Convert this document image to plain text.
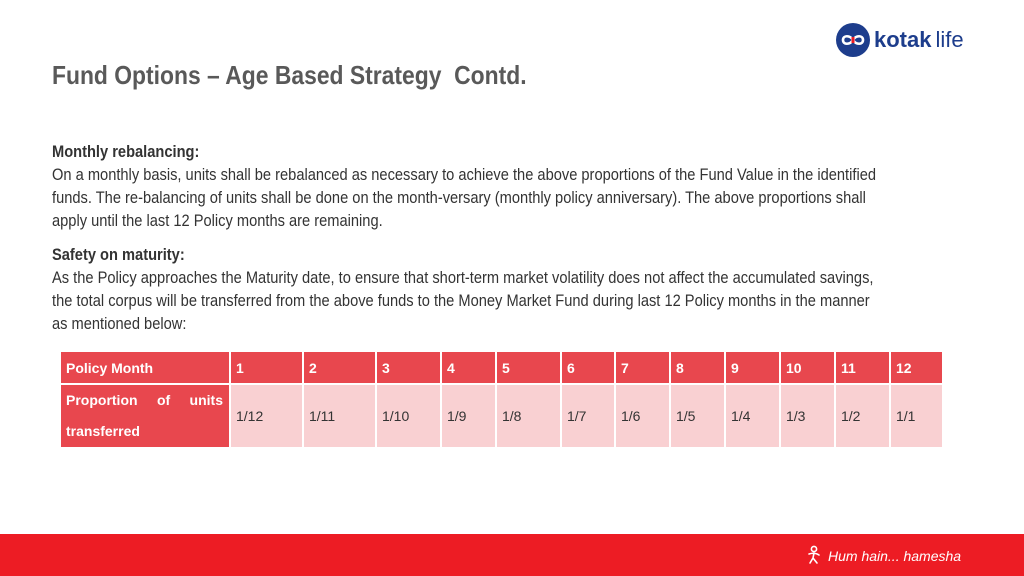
kotak life
Fund Options – Age Based Strategy  Contd.

Monthly rebalancing:

On a monthly basis, units shall be rebalanced as necessary to achieve the above proportions of the Fund Value in the identified

funds. The re-balancing of units shall be done on the month-versary (monthly policy anniversary). The above proportions shall

apply until the last 12 Policy months are remaining.

Safety on maturity:

As the Policy approaches the Maturity date, to ensure that short-term market volatility does not affect the accumulated savings,

the total corpus will be transferred from the above funds to the Money Market Fund during last 12 Policy months in the manner

as mentioned below:

Policy Month	1	2	3	4	5	6	7	8	9	10	11	12

Proportion of units
transferred	1/12	1/11	1/10	1/9	1/8	1/7	1/6	1/5	1/4	1/3	1/2	1/1
Hum hain... hamesha
